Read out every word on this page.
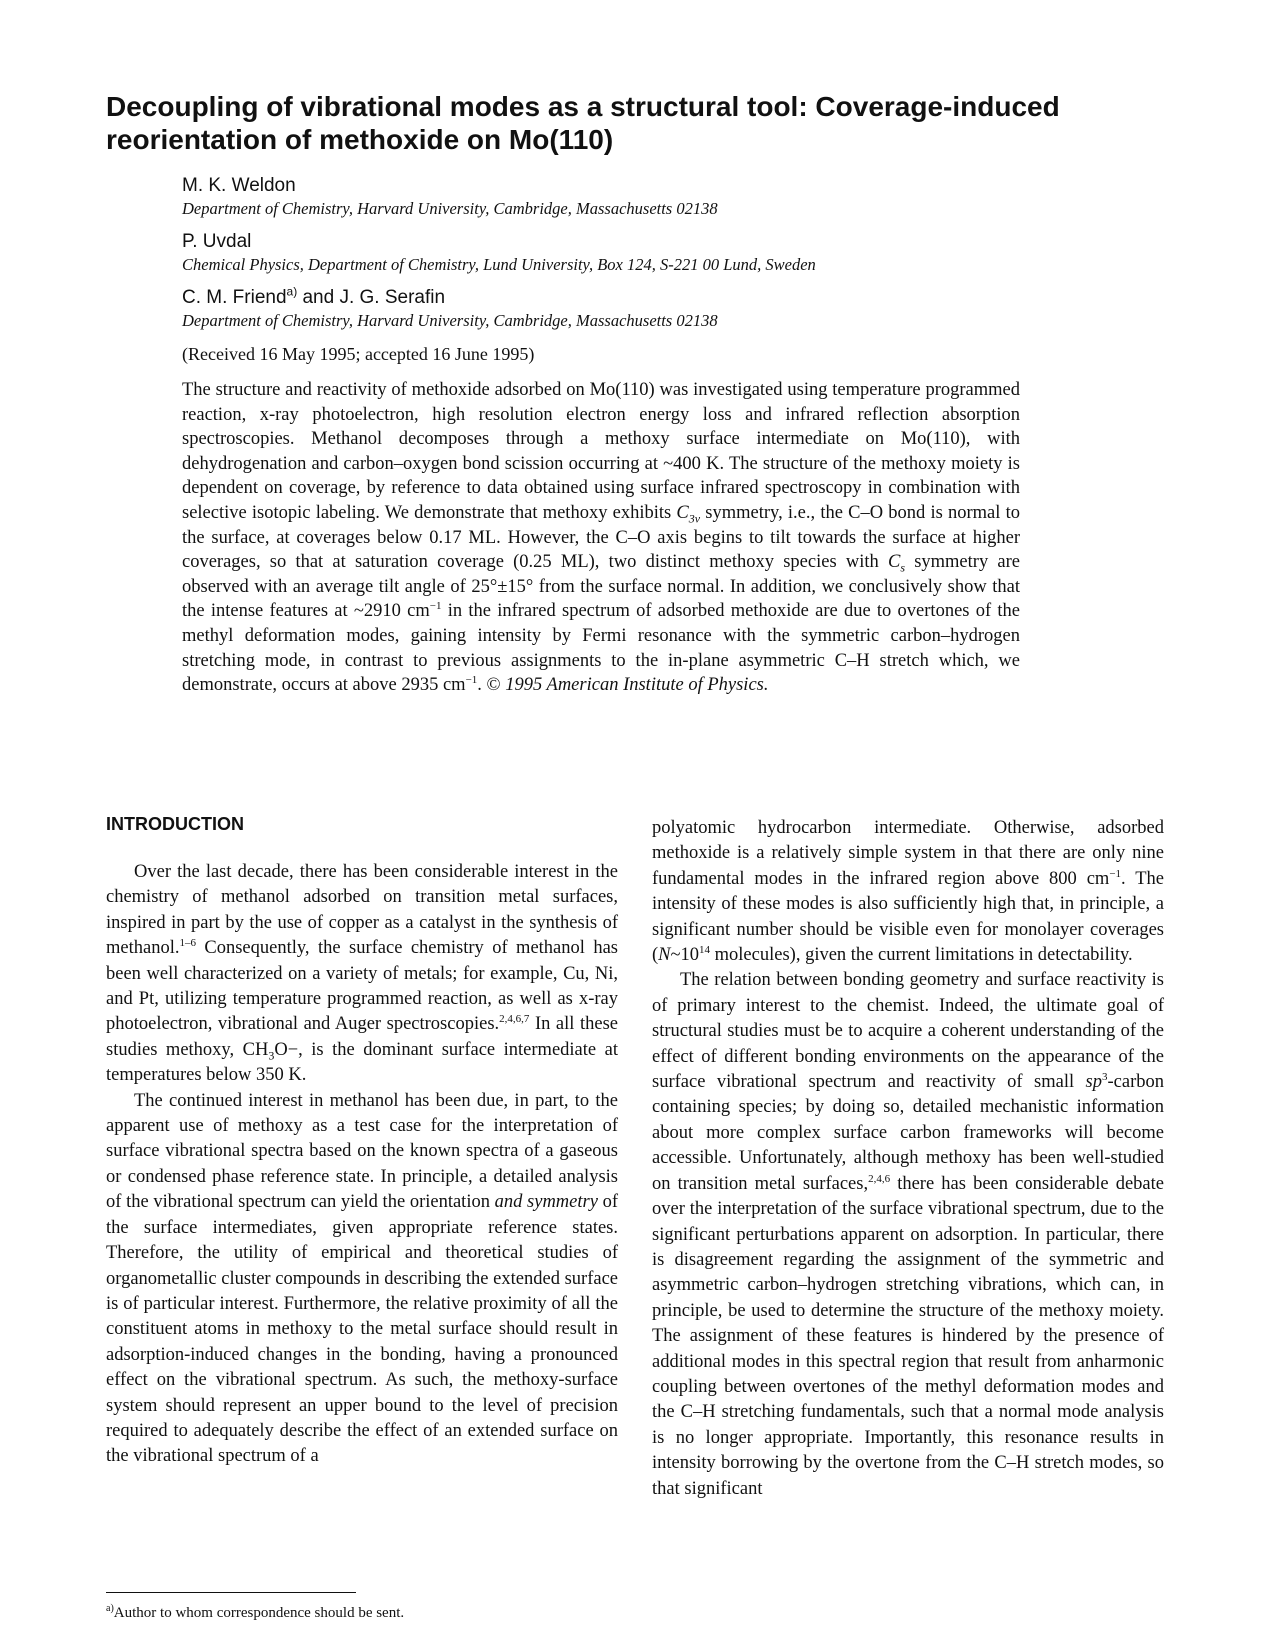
Decoupling of vibrational modes as a structural tool: Coverage-induced reorientation of methoxide on Mo(110)
M. K. Weldon
Department of Chemistry, Harvard University, Cambridge, Massachusetts 02138
P. Uvdal
Chemical Physics, Department of Chemistry, Lund University, Box 124, S-221 00 Lund, Sweden
C. M. Friend$^{a)}$ and J. G. Serafin
Department of Chemistry, Harvard University, Cambridge, Massachusetts 02138
(Received 16 May 1995; accepted 16 June 1995)

The structure and reactivity of methoxide adsorbed on Mo(110) was investigated using temperature programmed reaction, x-ray photoelectron, high resolution electron energy loss and infrared reflection absorption spectroscopies. Methanol decomposes through a methoxy surface intermediate on Mo(110), with dehydrogenation and carbon–oxygen bond scission occurring at ~400 K. The structure of the methoxy moiety is dependent on coverage, by reference to data obtained using surface infrared spectroscopy in combination with selective isotopic labeling. We demonstrate that methoxy exhibits $C_{3v}$ symmetry, i.e., the C–O bond is normal to the surface, at coverages below 0.17 ML. However, the C–O axis begins to tilt towards the surface at higher coverages, so that at saturation coverage (0.25 ML), two distinct methoxy species with $C_s$ symmetry are observed with an average tilt angle of 25°±15° from the surface normal. In addition, we conclusively show that the intense features at ~2910 $cm^{-1}$ in the infrared spectrum of adsorbed methoxide are due to overtones of the methyl deformation modes, gaining intensity by Fermi resonance with the symmetric carbon–hydrogen stretching mode, in contrast to previous assignments to the in-plane asymmetric C–H stretch which, we demonstrate, occurs at above 2935 $cm^{-1}$. © 1995 American Institute of Physics.

INTRODUCTION

Over the last decade, there has been considerable interest in the chemistry of methanol adsorbed on transition metal surfaces, inspired in part by the use of copper as a catalyst in the synthesis of methanol.$^{1-6}$ Consequently, the surface chemistry of methanol has been well characterized on a variety of metals; for example, Cu, Ni, and Pt, utilizing temperature programmed reaction, as well as x-ray photoelectron, vibrational and Auger spectroscopies.$^{2,4,6,7}$ In all these studies methoxy, $CH_3O-$, is the dominant surface intermediate at temperatures below 350 K.

The continued interest in methanol has been due, in part, to the apparent use of methoxy as a test case for the interpretation of surface vibrational spectra based on the known spectra of a gaseous or condensed phase reference state. In principle, a detailed analysis of the vibrational spectrum can yield the orientation and symmetry of the surface intermediates, given appropriate reference states. Therefore, the utility of empirical and theoretical studies of organometallic cluster compounds in describing the extended surface is of particular interest. Furthermore, the relative proximity of all the constituent atoms in methoxy to the metal surface should result in adsorption-induced changes in the bonding, having a pronounced effect on the vibrational spectrum. As such, the methoxy-surface system should represent an upper bound to the level of precision required to adequately describe the effect of an extended surface on the vibrational spectrum of a

polyatomic hydrocarbon intermediate. Otherwise, adsorbed methoxide is a relatively simple system in that there are only nine fundamental modes in the infrared region above 800 $cm^{-1}$. The intensity of these modes is also sufficiently high that, in principle, a significant number should be visible even for monolayer coverages ($N\sim 10^{14}$ molecules), given the current limitations in detectability.

The relation between bonding geometry and surface reactivity is of primary interest to the chemist. Indeed, the ultimate goal of structural studies must be to acquire a coherent understanding of the effect of different bonding environments on the appearance of the surface vibrational spectrum and reactivity of small $sp^3$-carbon containing species; by doing so, detailed mechanistic information about more complex surface carbon frameworks will become accessible. Unfortunately, although methoxy has been well-studied on transition metal surfaces,$^{2,4,6}$ there has been considerable debate over the interpretation of the surface vibrational spectrum, due to the significant perturbations apparent on adsorption. In particular, there is disagreement regarding the assignment of the symmetric and asymmetric carbon–hydrogen stretching vibrations, which can, in principle, be used to determine the structure of the methoxy moiety. The assignment of these features is hindered by the presence of additional modes in this spectral region that result from anharmonic coupling between overtones of the methyl deformation modes and the C–H stretching fundamentals, such that a normal mode analysis is no longer appropriate. Importantly, this resonance results in intensity borrowing by the overtone from the C–H stretch modes, so that significant

$^{a)}$Author to whom correspondence should be sent.
